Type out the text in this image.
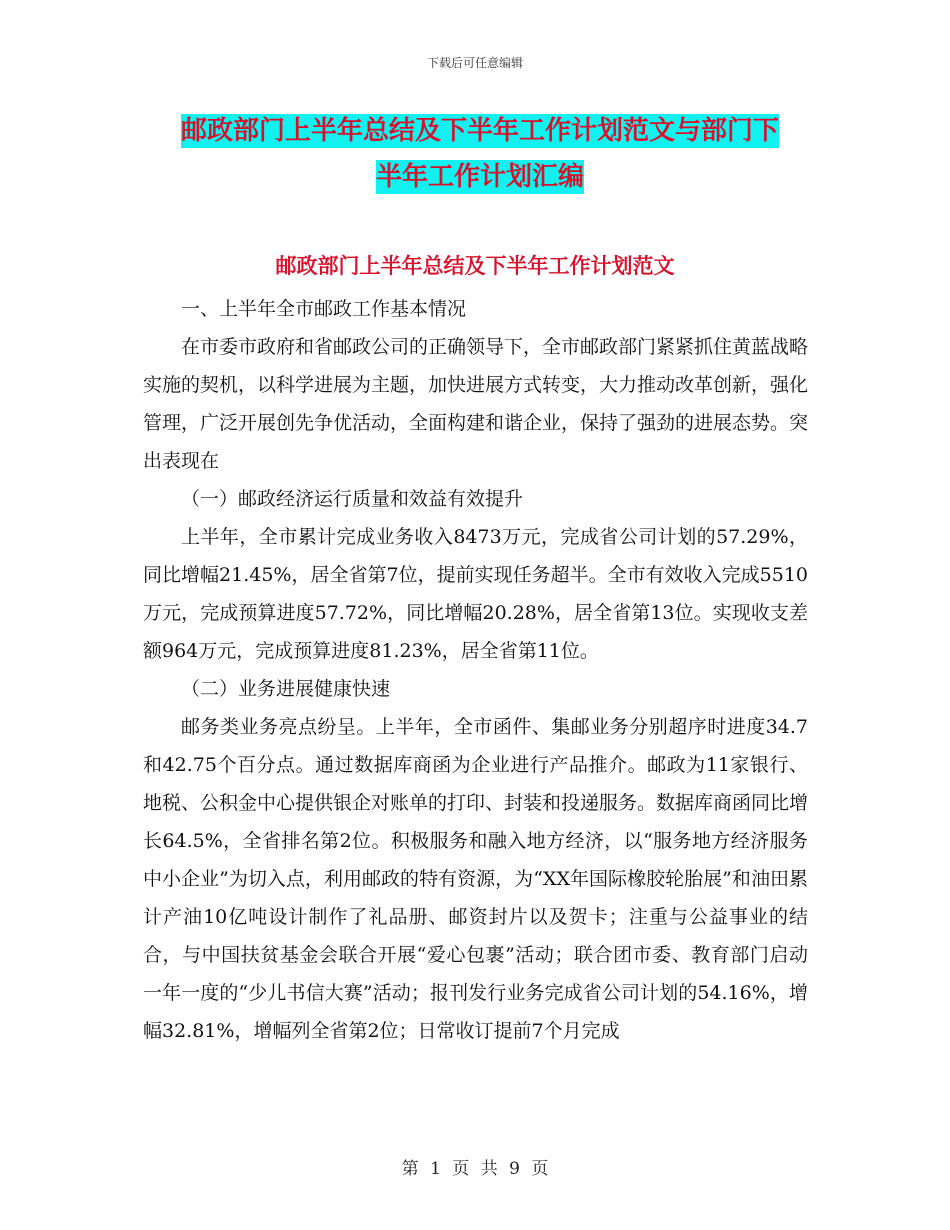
下载后可任意编辑
邮政部门上半年总结及下半年工作计划范文与部门下
半年工作计划汇编
邮政部门上半年总结及下半年工作计划范文

一、上半年全市邮政工作基本情况

在市委市政府和省邮政公司的正确领导下，全市邮政部门紧紧抓住黄蓝战略实施的契机，以科学进展为主题，加快进展方式转变，大力推动改革创新，强化管理，广泛开展创先争优活动，全面构建和谐企业，保持了强劲的进展态势。突出表现在

（一）邮政经济运行质量和效益有效提升

上半年，全市累计完成业务收入8473万元，完成省公司计划的57.29%，同比增幅21.45%，居全省第7位，提前实现任务超半。全市有效收入完成5510万元，完成预算进度57.72%，同比增幅20.28%，居全省第13位。实现收支差额964万元，完成预算进度81.23%，居全省第11位。

（二）业务进展健康快速

邮务类业务亮点纷呈。上半年，全市函件、集邮业务分别超序时进度34.7和42.75个百分点。通过数据库商函为企业进行产品推介。邮政为11家银行、地税、公积金中心提供银企对账单的打印、封装和投递服务。数据库商函同比增长64.5%，全省排名第2位。积极服务和融入地方经济，以“服务地方经济服务中小企业”为切入点，利用邮政的特有资源，为“XX年国际橡胶轮胎展”和油田累计产油10亿吨设计制作了礼品册、邮资封片以及贺卡；注重与公益事业的结合，与中国扶贫基金会联合开展“爱心包裹”活动；联合团市委、教育部门启动一年一度的“少儿书信大赛”活动；报刊发行业务完成省公司计划的54.16%，增幅32.81%，增幅列全省第2位；日常收订提前7个月完成

第 1 页 共 9 页
